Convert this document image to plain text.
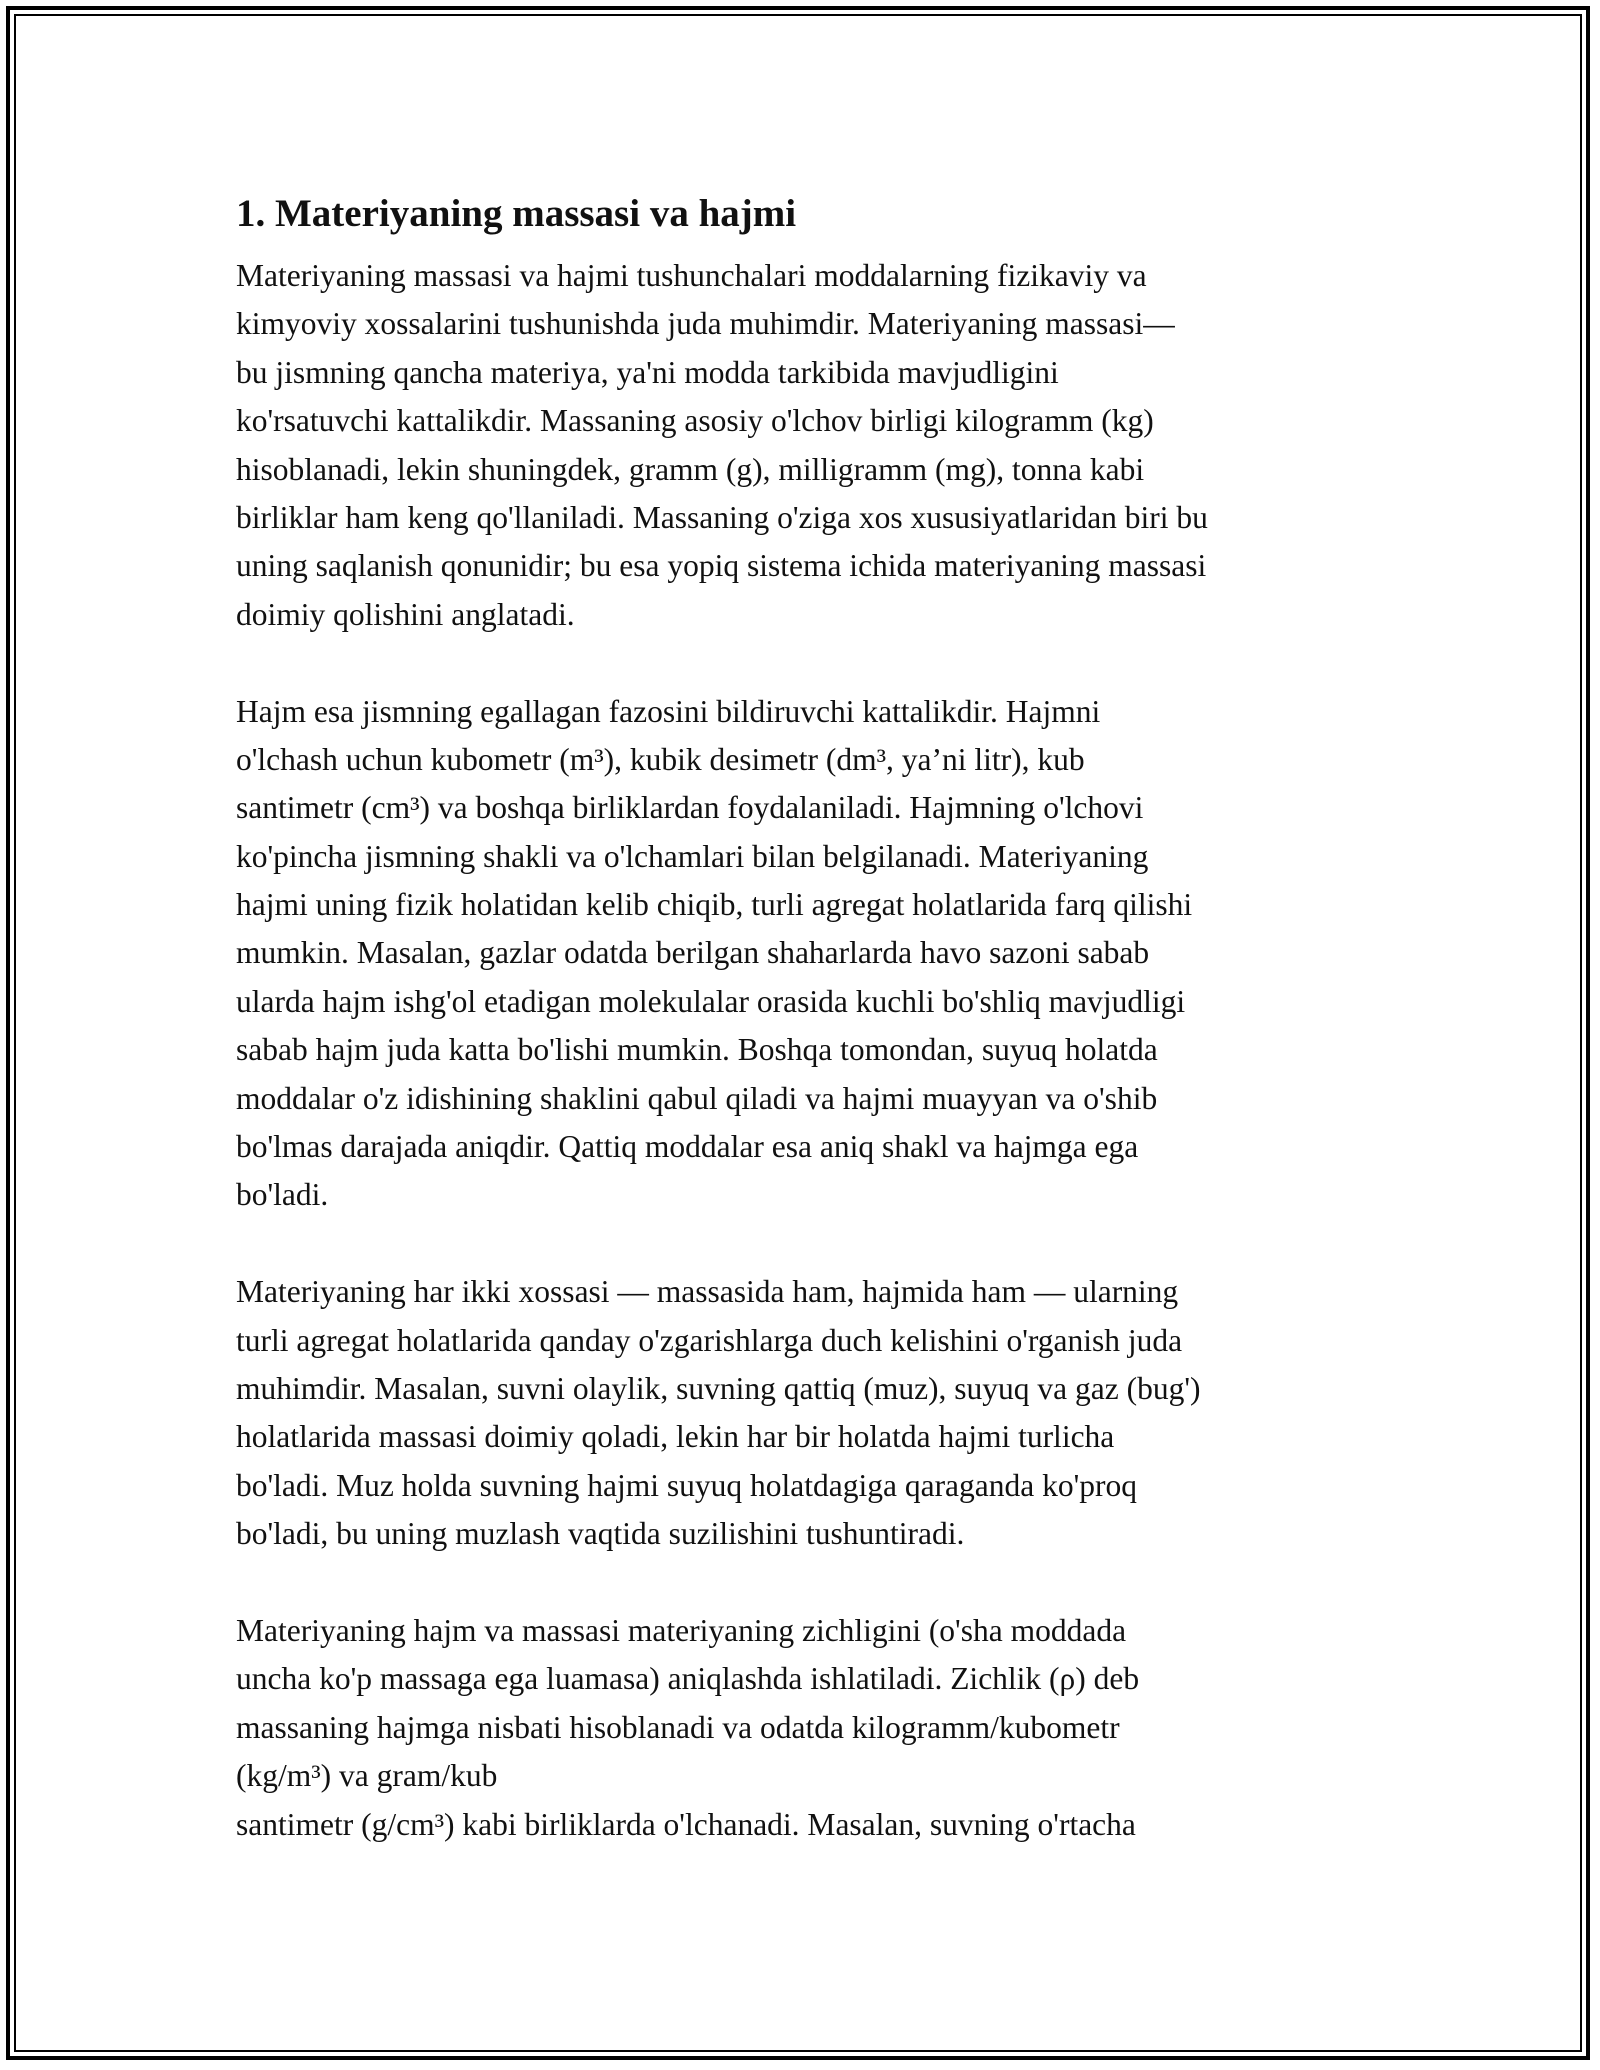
1. Materiyaning massasi va hajmi
Materiyaning massasi va hajmi tushunchalari moddalarning fizikaviy va
kimyoviy xossalarini tushunishda juda muhimdir. Materiyaning massasi—
bu jismning qancha materiya, ya'ni modda tarkibida mavjudligini
ko'rsatuvchi kattalikdir. Massaning asosiy o'lchov birligi kilogramm (kg)
hisoblanadi, lekin shuningdek, gramm (g), milligramm (mg), tonna kabi
birliklar ham keng qo'llaniladi. Massaning o'ziga xos xususiyatlaridan biri bu
uning saqlanish qonunidir; bu esa yopiq sistema ichida materiyaning massasi
doimiy qolishini anglatadi.
Hajm esa jismning egallagan fazosini bildiruvchi kattalikdir. Hajmni
o'lchash uchun kubometr (m³), kubik desimetr (dm³, ya’ni litr), kub
santimetr (cm³) va boshqa birliklardan foydalaniladi. Hajmning o'lchovi
ko'pincha jismning shakli va o'lchamlari bilan belgilanadi. Materiyaning
hajmi uning fizik holatidan kelib chiqib, turli agregat holatlarida farq qilishi
mumkin. Masalan, gazlar odatda berilgan shaharlarda havo sazoni sabab
ularda hajm ishg'ol etadigan molekulalar orasida kuchli bo'shliq mavjudligi
sabab hajm juda katta bo'lishi mumkin. Boshqa tomondan, suyuq holatda
moddalar o'z idishining shaklini qabul qiladi va hajmi muayyan va o'shib
bo'lmas darajada aniqdir. Qattiq moddalar esa aniq shakl va hajmga ega
bo'ladi.
Materiyaning har ikki xossasi — massasida ham, hajmida ham — ularning
turli agregat holatlarida qanday o'zgarishlarga duch kelishini o'rganish juda
muhimdir. Masalan, suvni olaylik, suvning qattiq (muz), suyuq va gaz (bug')
holatlarida massasi doimiy qoladi, lekin har bir holatda hajmi turlicha
bo'ladi. Muz holda suvning hajmi suyuq holatdagiga qaraganda ko'proq
bo'ladi, bu uning muzlash vaqtida suzilishini tushuntiradi.
Materiyaning hajm va massasi materiyaning zichligini (o'sha moddada
uncha ko'p massaga ega luamasa) aniqlashda ishlatiladi. Zichlik (ρ) deb
massaning hajmga nisbati hisoblanadi va odatda kilogramm/kubometr
(kg/m³) va gram/kub
santimetr (g/cm³) kabi birliklarda o'lchanadi. Masalan, suvning o'rtacha
